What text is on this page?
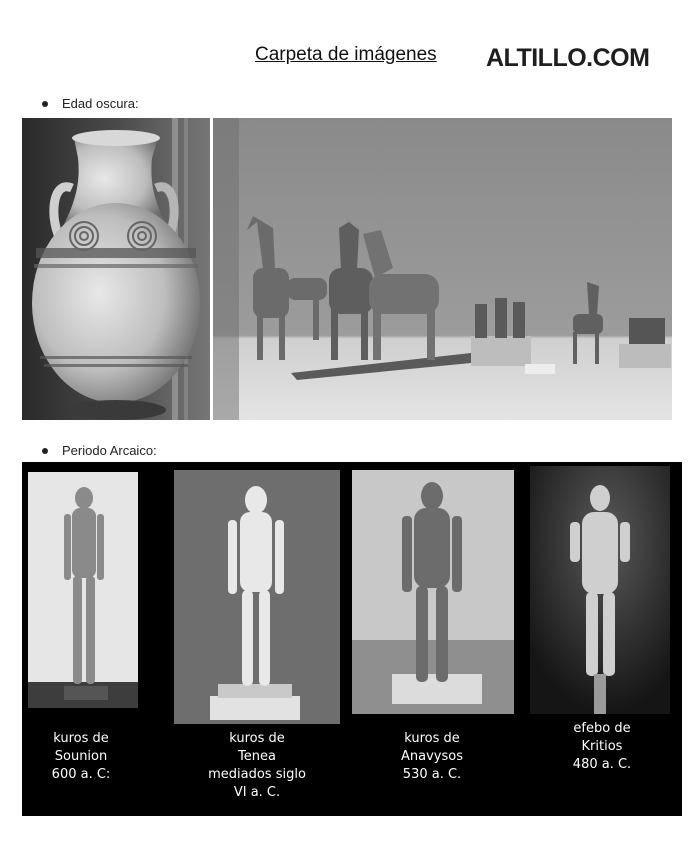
Carpeta de imágenes ALTILLO.COM
Edad oscura:
Periodo Arcaico:
kuros de
Sounion
600 a. C:
kuros de
Tenea
mediados siglo
VI a. C.
kuros de
Anavysos
530 a. C.
efebo de
Kritios
480 a. C.
